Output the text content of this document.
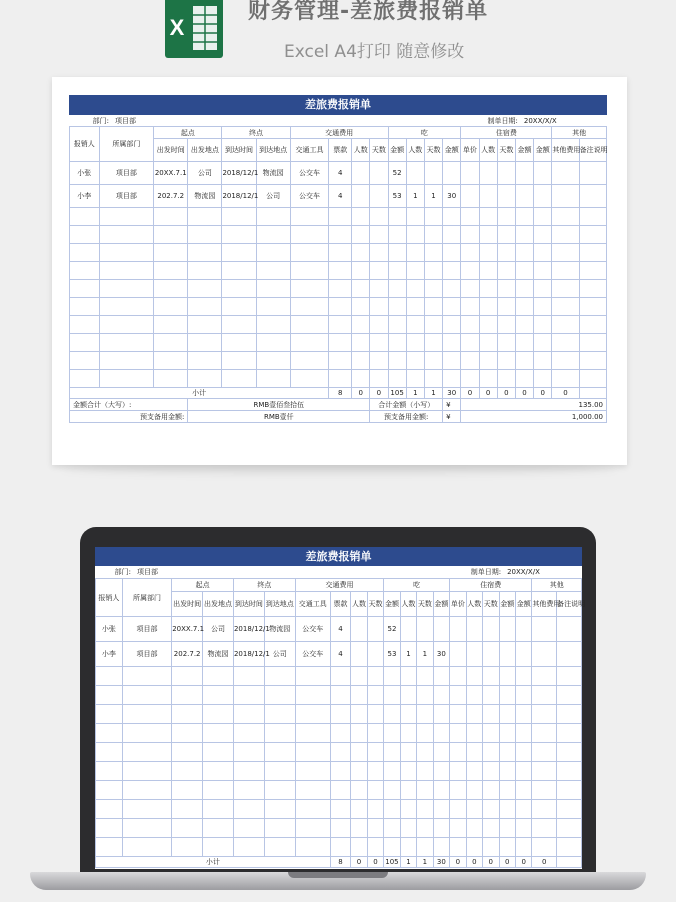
X
财务管理-差旅费报销单
Excel A4打印 随意修改
差旅费报销单
部门:	项目部		制单日期:	20XX/X/X
报销人	所属部门	起点		终点		交通费用				吃				住宿费					其他	
		出发时间	出发地点	到达时间	到达地点	交通工具	票款	人数	天数	金额	人数	天数	金额	单价	人数	天数	金额	金额	其他费用	备注说明
小张	项目部	20XX.7.1	公司	2018/12/1	物流园	公交车	4			52										
小李	项目部	202.7.2	物流园	2018/12/1	公司	公交车	4			53	1	1	30							

小计							8	0	0	105	1	1	30	0	0	0	0	0	0	
金额合计（大写）:			RMB壹佰叁拾伍						合计金额（小写）				¥	135.00						
预支备用金额:			RMB壹仟						预支备用金额:				¥	1,000.00						
差旅费报销单
部门:	项目部		制单日期:	20XX/X/X
报销人	所属部门	起点		终点		交通费用				吃				住宿费					其他	
		出发时间	出发地点	到达时间	到达地点	交通工具	票款	人数	天数	金额	人数	天数	金额	单价	人数	天数	金额	金额	其他费用	备注说明
小张	项目部	20XX.7.1	公司	2018/12/1	物流园	公交车	4			52										
小李	项目部	202.7.2	物流园	2018/12/1	公司	公交车	4			53	1	1	30							

小计							8	0	0	105	1	1	30	0	0	0	0	0	0	
